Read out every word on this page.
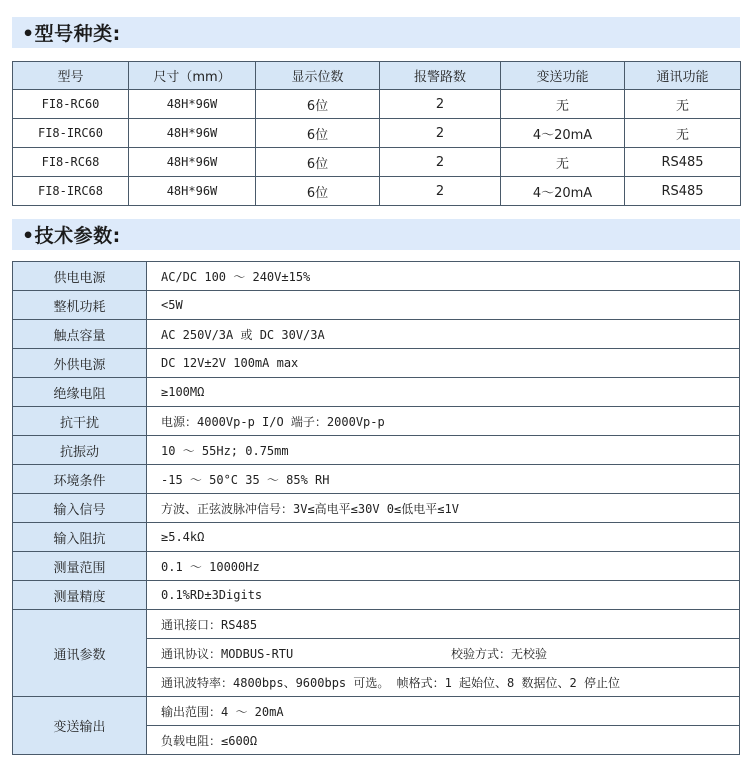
•型号种类:
型号	尺寸（mm）	显示位数	报警路数	变送功能	通讯功能
FI8-RC60	48H*96W	6位	2	无	无
FI8-IRC60	48H*96W	6位	2	4～20mA	无
FI8-RC68	48H*96W	6位	2	无	RS485
FI8-IRC68	48H*96W	6位	2	4～20mA	RS485
•技术参数:
供电电源	AC/DC 100 ～ 240V±15%
整机功耗	<5W
触点容量	AC 250V/3A 或 DC 30V/3A
外供电源	DC 12V±2V 100mA max
绝缘电阻	≥100MΩ
抗干扰	电源：4000Vp-p I/O 端子：2000Vp-p
抗振动	10 ～ 55Hz; 0.75mm
环境条件	-15 ～ 50°C 35 ～ 85% RH
输入信号	方波、正弦波脉冲信号：3V≤高电平≤30V 0≤低电平≤1V
输入阻抗	≥5.4kΩ
测量范围	0.1 ～ 10000Hz
测量精度	0.1%RD±3Digits
通讯参数	通讯接口：RS485

	通讯协议：MODBUS-RTU 校验方式：无校验

	通讯波特率：4800bps、9600bps 可选。 帧格式：1 起始位、8 数据位、2 停止位
变送输出	输出范围：4 ～ 20mA
	负载电阻：≤600Ω
